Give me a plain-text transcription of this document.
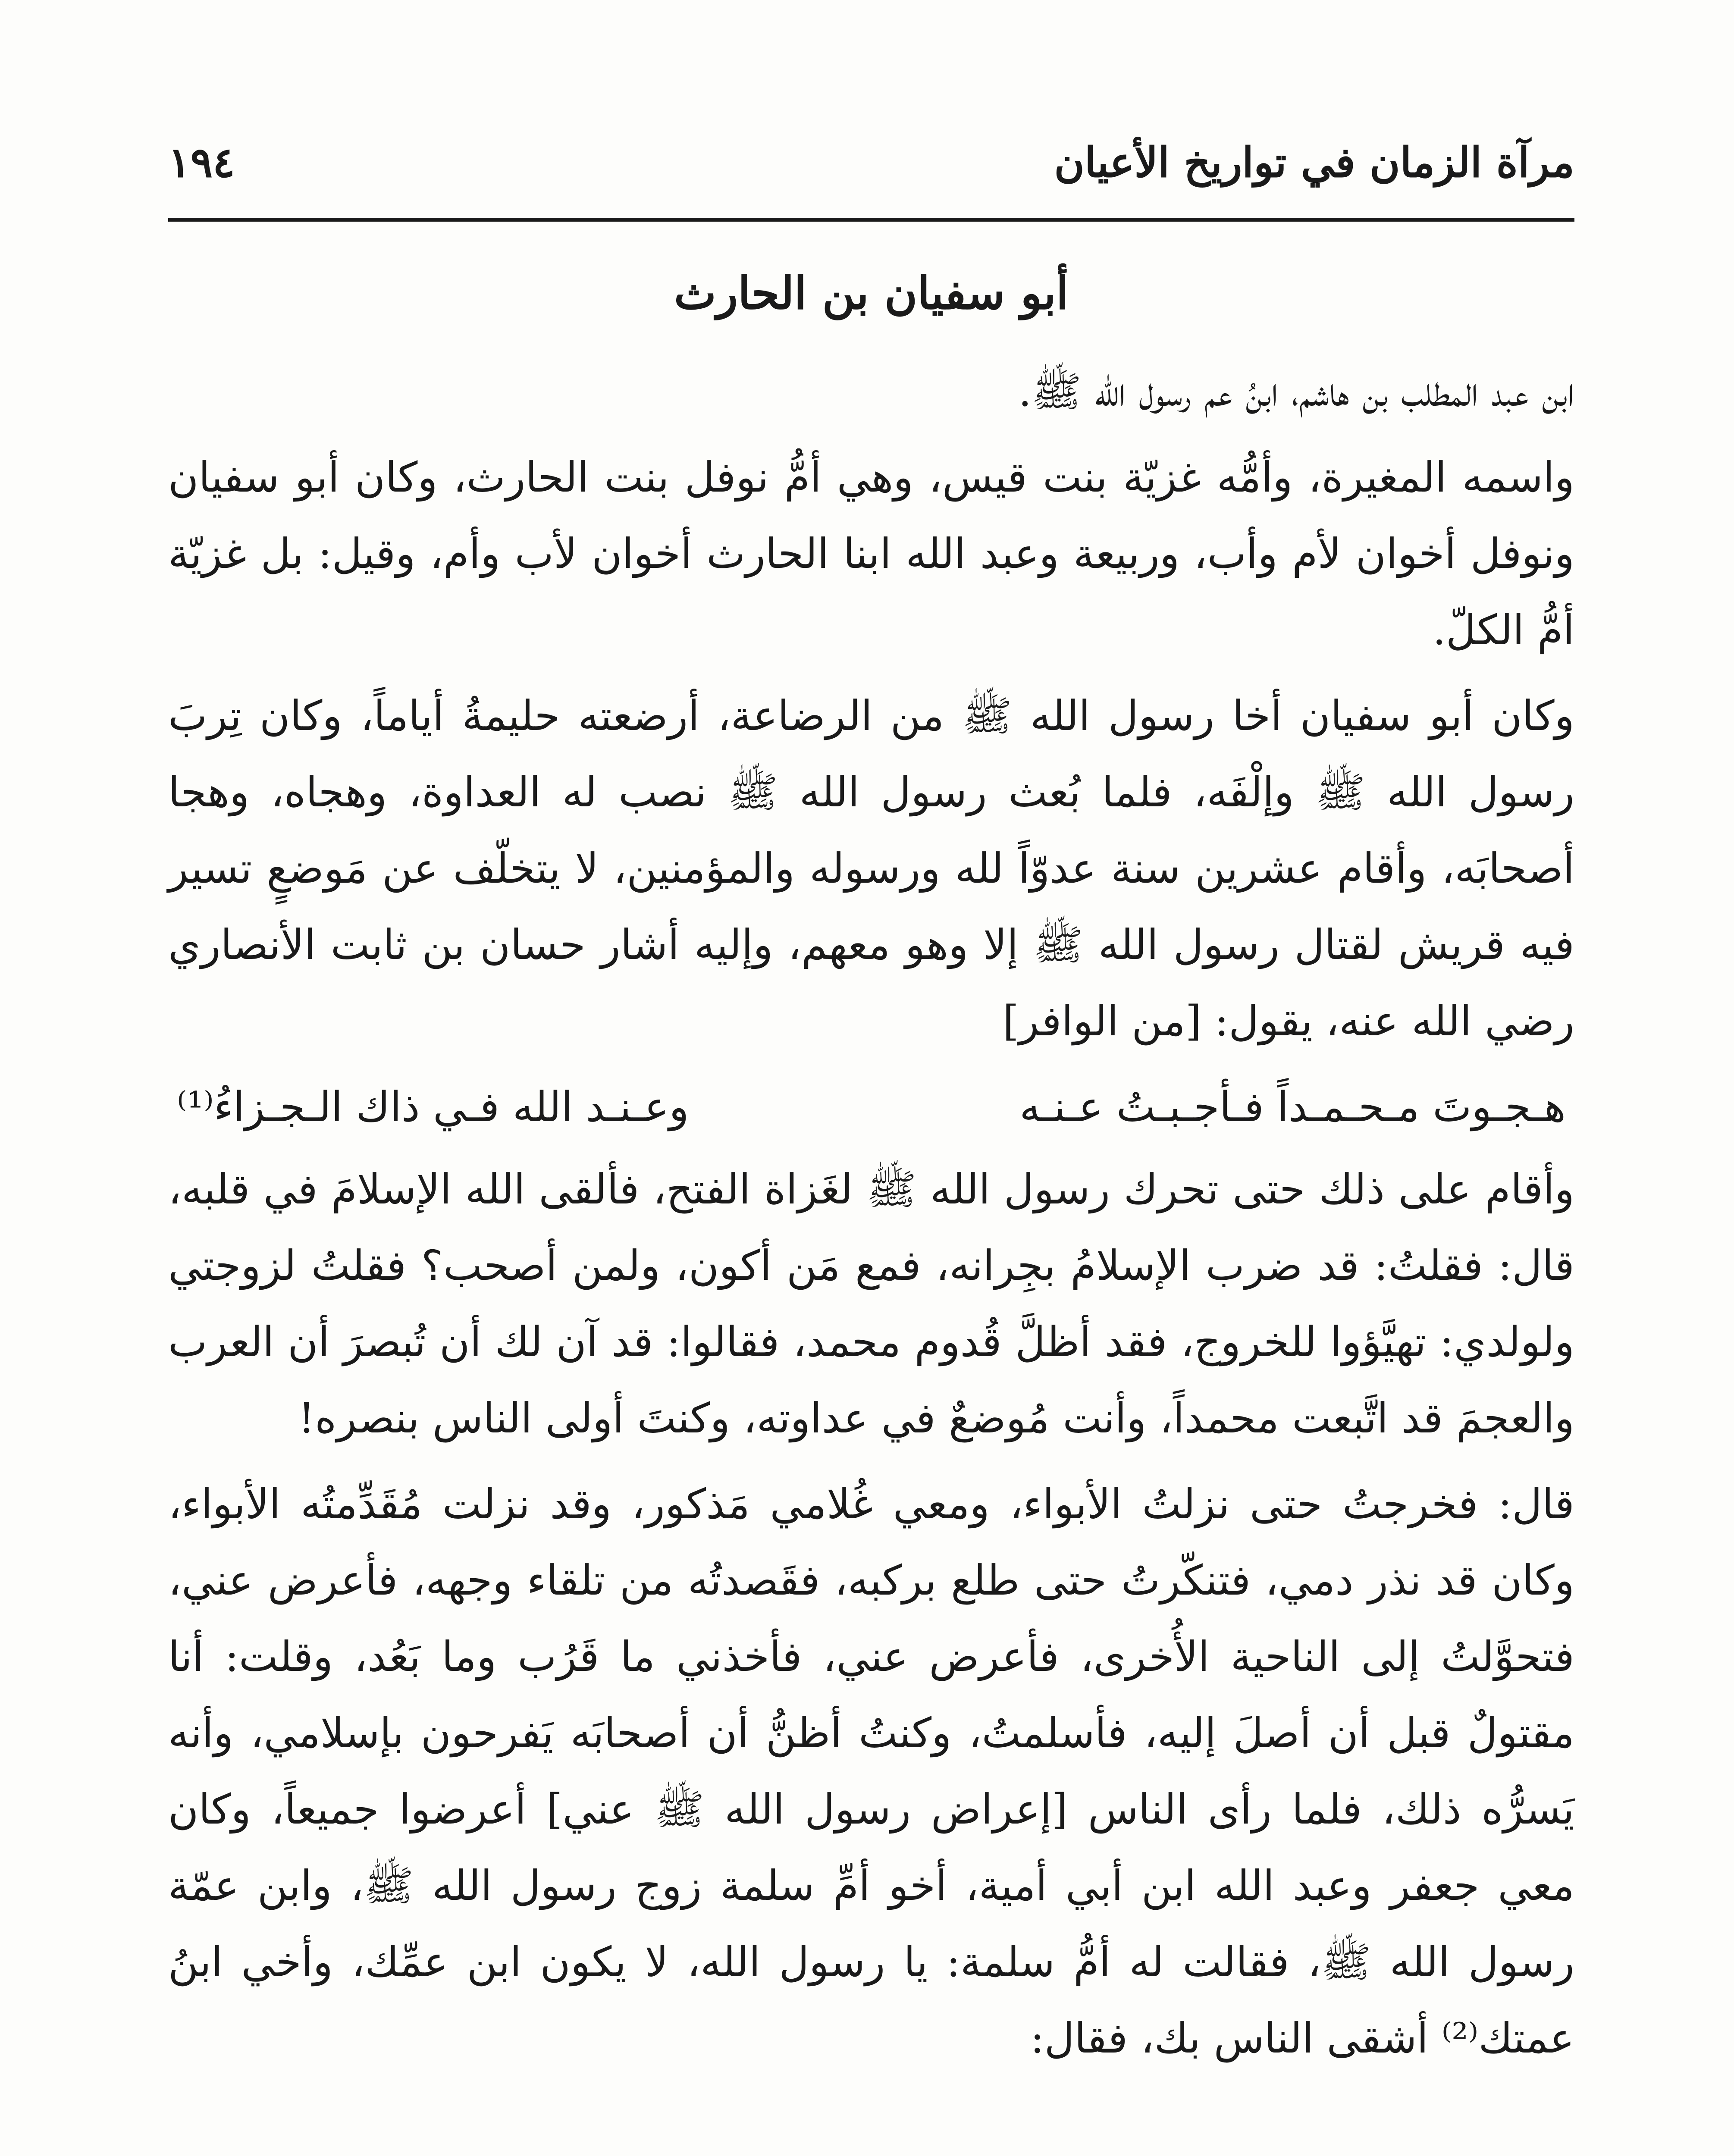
١٩٤	مرآة الزمان في تواريخ الأعيان
أبو سفيان بن الحارث

ابن عبد المطلب بن هاشم، ابنُ عم رسول الله ﷺ.

واسمه المغيرة، وأمُّه غزيّة بنت قيس، وهي أمُّ نوفل بنت الحارث، وكان أبو سفيان ونوفل أخوان لأم وأب، وربيعة وعبد الله ابنا الحارث أخوان لأب وأم، وقيل: بل غزيّة أمُّ الكلّ.

وكان أبو سفيان أخا رسول الله ﷺ من الرضاعة، أرضعته حليمةُ أياماً، وكان تِربَ رسول الله ﷺ وإلْفَه، فلما بُعث رسول الله ﷺ نصب له العداوة، وهجاه، وهجا أصحابَه، وأقام عشرين سنة عدوّاً لله ورسوله والمؤمنين، لا يتخلّف عن مَوضعٍ تسير فيه قريش لقتال رسول الله ﷺ إلا وهو معهم، وإليه أشار حسان بن ثابت الأنصاري رضي الله عنه، يقول: [من الوافر]

هـجـوتَ مـحـمـداً فـأجـبـتُ عـنـه
وعـنـد الله فـي ذاك الـجـزاءُ⁽¹⁾

وأقام على ذلك حتى تحرك رسول الله ﷺ لغَزاة الفتح، فألقى الله الإسلامَ في قلبه، قال: فقلتُ: قد ضرب الإسلامُ بجِرانه، فمع مَن أكون، ولمن أصحب؟ فقلتُ لزوجتي ولولدي: تهيَّؤوا للخروج، فقد أظلَّ قُدوم محمد، فقالوا: قد آن لك أن تُبصرَ أن العرب والعجمَ قد اتَّبعت محمداً، وأنت مُوضعٌ في عداوته، وكنتَ أولى الناس بنصره!

قال: فخرجتُ حتى نزلتُ الأبواء، ومعي غُلامي مَذكور، وقد نزلت مُقَدِّمتُه الأبواء، وكان قد نذر دمي، فتنكّرتُ حتى طلع بركبه، فقَصدتُه من تلقاء وجهه، فأعرض عني، فتحوَّلتُ إلى الناحية الأُخرى، فأعرض عني، فأخذني ما قَرُب وما بَعُد، وقلت: أنا مقتولٌ قبل أن أصلَ إليه، فأسلمتُ، وكنتُ أظنُّ أن أصحابَه يَفرحون بإسلامي، وأنه يَسرُّه ذلك، فلما رأى الناس [إعراض رسول الله ﷺ عني] أعرضوا جميعاً، وكان معي جعفر وعبد الله ابن أبي أمية، أخو أمِّ سلمة زوج رسول الله ﷺ، وابن عمّة رسول الله ﷺ، فقالت له أمُّ سلمة: يا رسول الله، لا يكون ابن عمِّك، وأخي ابنُ عمتك⁽²⁾ أشقى الناس بك، فقال:
